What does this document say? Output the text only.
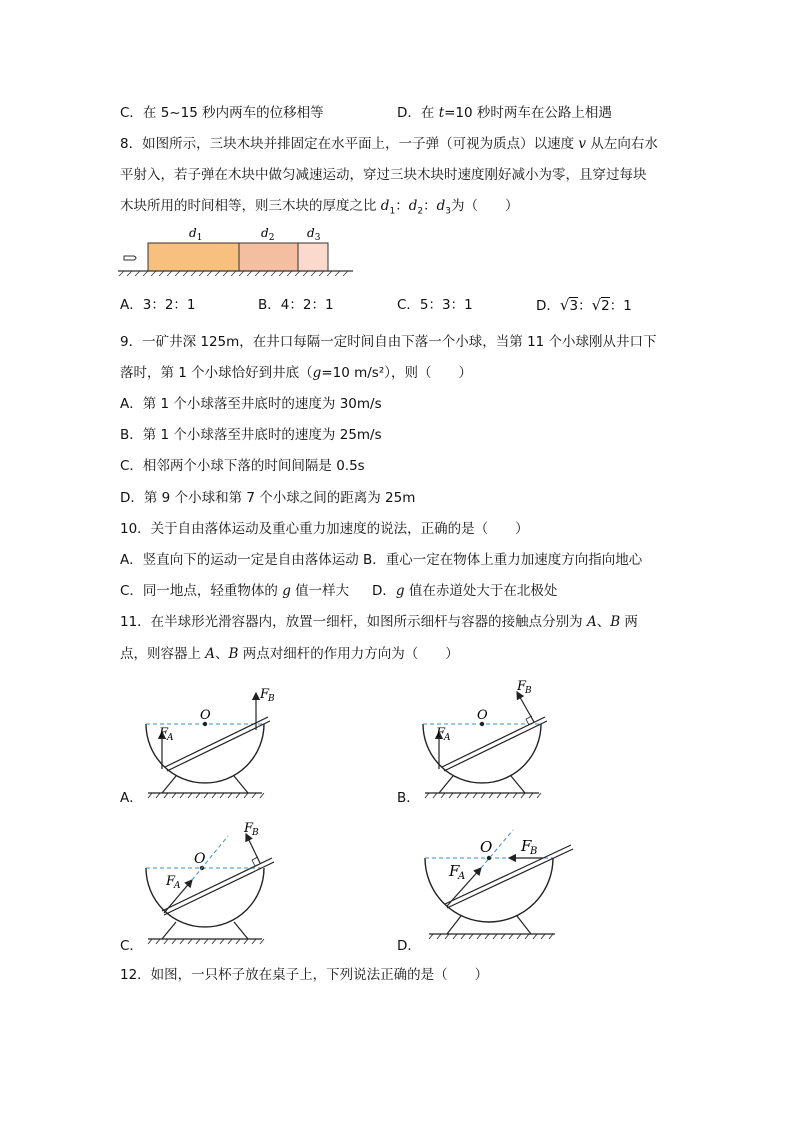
C．在 5~15 秒内两车的位移相等	D．在 t=10 秒时两车在公路上相遇
8．如图所示，三块木块并排固定在水平面上，一子弹（可视为质点）以速度 v 从左向右水
平射入，若子弹在木块中做匀减速运动，穿过三块木块时速度刚好减小为零，且穿过每块
木块所用的时间相等，则三木块的厚度之比 $d_1$：$d_2$：$d_3$为（　　）
$d_1$	$d_2$	$d_3$
A．3：2：1	B．4：2：1	C．5：3：1	D．√3：√2：1
9．一矿井深 125m，在井口每隔一定时间自由下落一个小球，当第 11 个小球刚从井口下
落时，第 1 个小球恰好到井底（g=10 m/s²），则（　　）
A．第 1 个小球落至井底时的速度为 30m/s
B．第 1 个小球落至井底时的速度为 25m/s
C．相邻两个小球下落的时间间隔是 0.5s
D．第 9 个小球和第 7 个小球之间的距离为 25m
10．关于自由落体运动及重心重力加速度的说法，正确的是（　　）
A．竖直向下的运动一定是自由落体运动 B．重心一定在物体上重力加速度方向指向地心
C．同一地点，轻重物体的 g 值一样大 D．g 值在赤道处大于在北极处
11．在半球形光滑容器内，放置一细杆，如图所示细杆与容器的接触点分别为 A、B 两
点，则容器上 A、B 两点对细杆的作用力方向为（　　）
A．	B．
C．	D．
O
F
A
F
B
O
F
A
F
B
O
F
A
F
B
O
F
A
F
B
12．如图，一只杯子放在桌子上，下列说法正确的是（　　）
